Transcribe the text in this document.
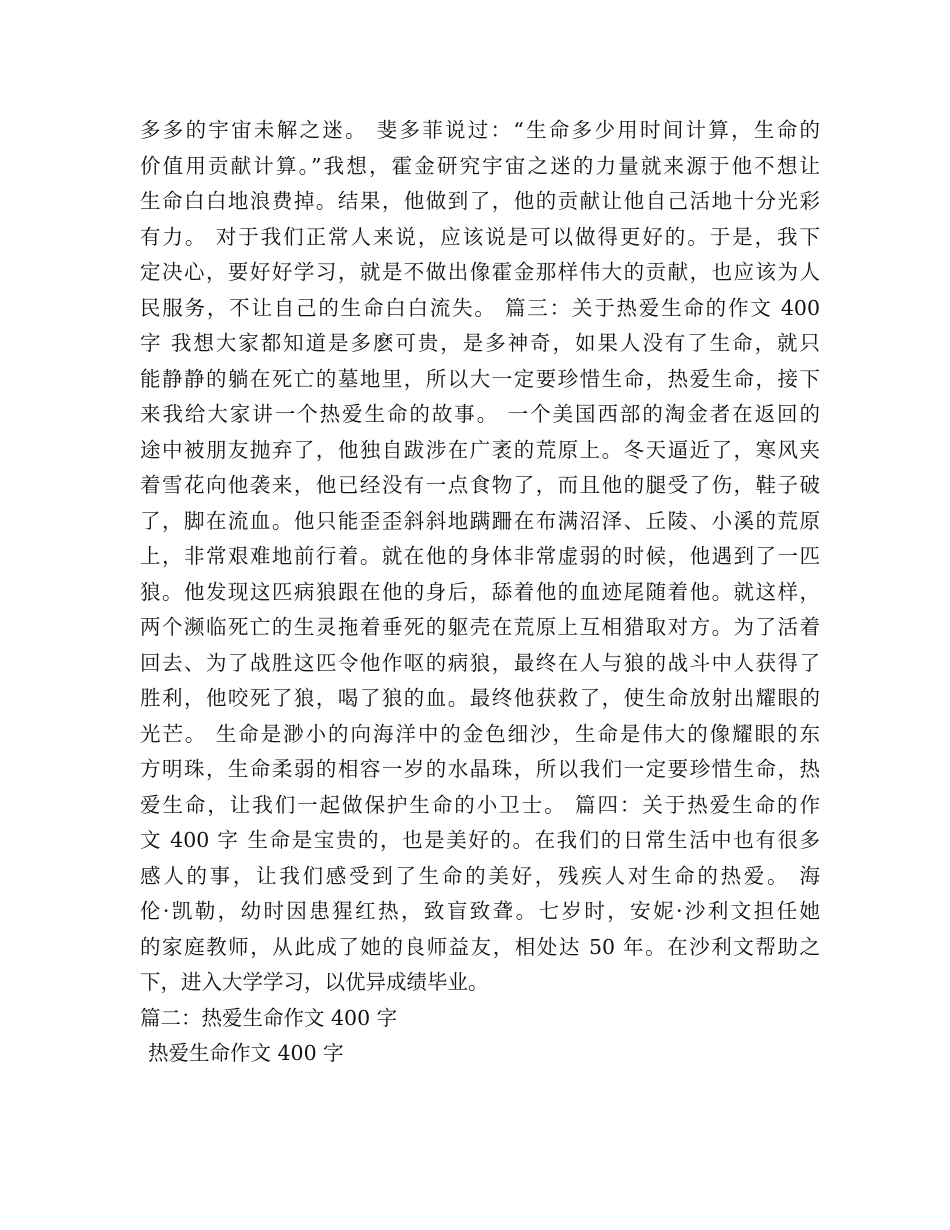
多多的宇宙未解之迷。 斐多菲说过：“生命多少用时间计算，生命的
价值用贡献计算。”我想，霍金研究宇宙之迷的力量就来源于他不想让
生命白白地浪费掉。结果，他做到了，他的贡献让他自己活地十分光彩
有力。 对于我们正常人来说，应该说是可以做得更好的。于是，我下
定决心，要好好学习，就是不做出像霍金那样伟大的贡献，也应该为人
民服务，不让自己的生命白白流失。 篇三：关于热爱生命的作文 400
字 我想大家都知道是多麽可贵，是多神奇，如果人没有了生命，就只
能静静的躺在死亡的墓地里，所以大一定要珍惜生命，热爱生命，接下
来我给大家讲一个热爱生命的故事。 一个美国西部的淘金者在返回的
途中被朋友抛弃了，他独自跋涉在广袤的荒原上。冬天逼近了，寒风夹
着雪花向他袭来，他已经没有一点食物了，而且他的腿受了伤，鞋子破
了，脚在流血。他只能歪歪斜斜地蹒跚在布满沼泽、丘陵、小溪的荒原
上，非常艰难地前行着。就在他的身体非常虚弱的时候，他遇到了一匹
狼。他发现这匹病狼跟在他的身后，舔着他的血迹尾随着他。就这样，
两个濒临死亡的生灵拖着垂死的躯壳在荒原上互相猎取对方。为了活着
回去、为了战胜这匹令他作呕的病狼，最终在人与狼的战斗中人获得了
胜利，他咬死了狼，喝了狼的血。最终他获救了，使生命放射出耀眼的
光芒。 生命是渺小的向海洋中的金色细沙，生命是伟大的像耀眼的东
方明珠，生命柔弱的相容一岁的水晶珠，所以我们一定要珍惜生命，热
爱生命，让我们一起做保护生命的小卫士。 篇四：关于热爱生命的作
文 400 字 生命是宝贵的，也是美好的。在我们的日常生活中也有很多
感人的事，让我们感受到了生命的美好，残疾人对生命的热爱。 海
伦·凯勒，幼时因患猩红热，致盲致聋。七岁时，安妮·沙利文担任她
的家庭教师，从此成了她的良师益友，相处达 50 年。在沙利文帮助之
下，进入大学学习，以优异成绩毕业。
篇二：热爱生命作文 400 字
热爱生命作文 400 字
